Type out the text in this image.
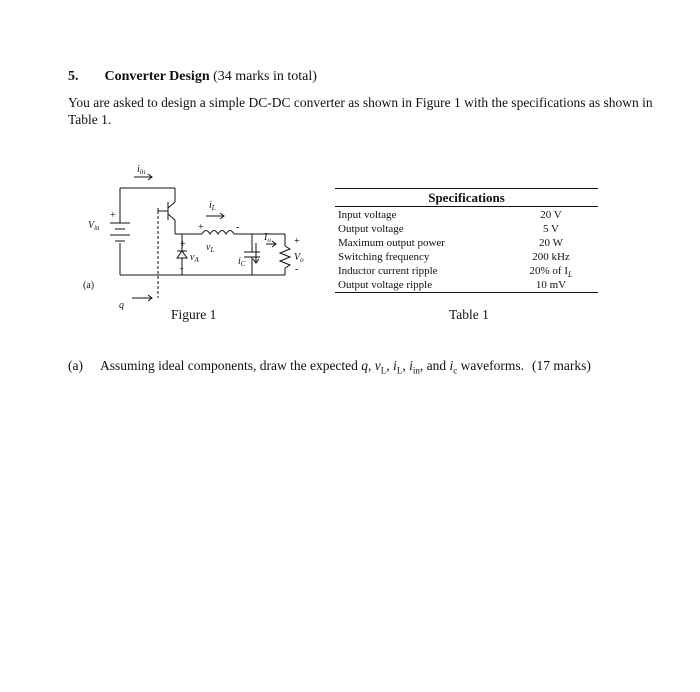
5. Converter Design (34 marks in total)
You are asked to design a simple DC-DC converter as shown in Figure 1 with the specifications as shown in Table 1.
$i_{in}$
$V_{in}$
$i_L$
$v_L$
$v_A$	$i_C$
$I_o$
$V_o$
q
(a)
+
+
-
+	-
+
-
Figure 1
Specifications
Input voltage	20 V
Output voltage	5 V
Maximum output power	20 W
Switching frequency	200 kHz
Inductor current ripple	20% of $I_L$
Output voltage ripple	10 mV
Table 1
(a) Assuming ideal components, draw the expected q, $v_L$, $i_L$, $i_{in}$, and $i_c$ waveforms. (17 marks)
